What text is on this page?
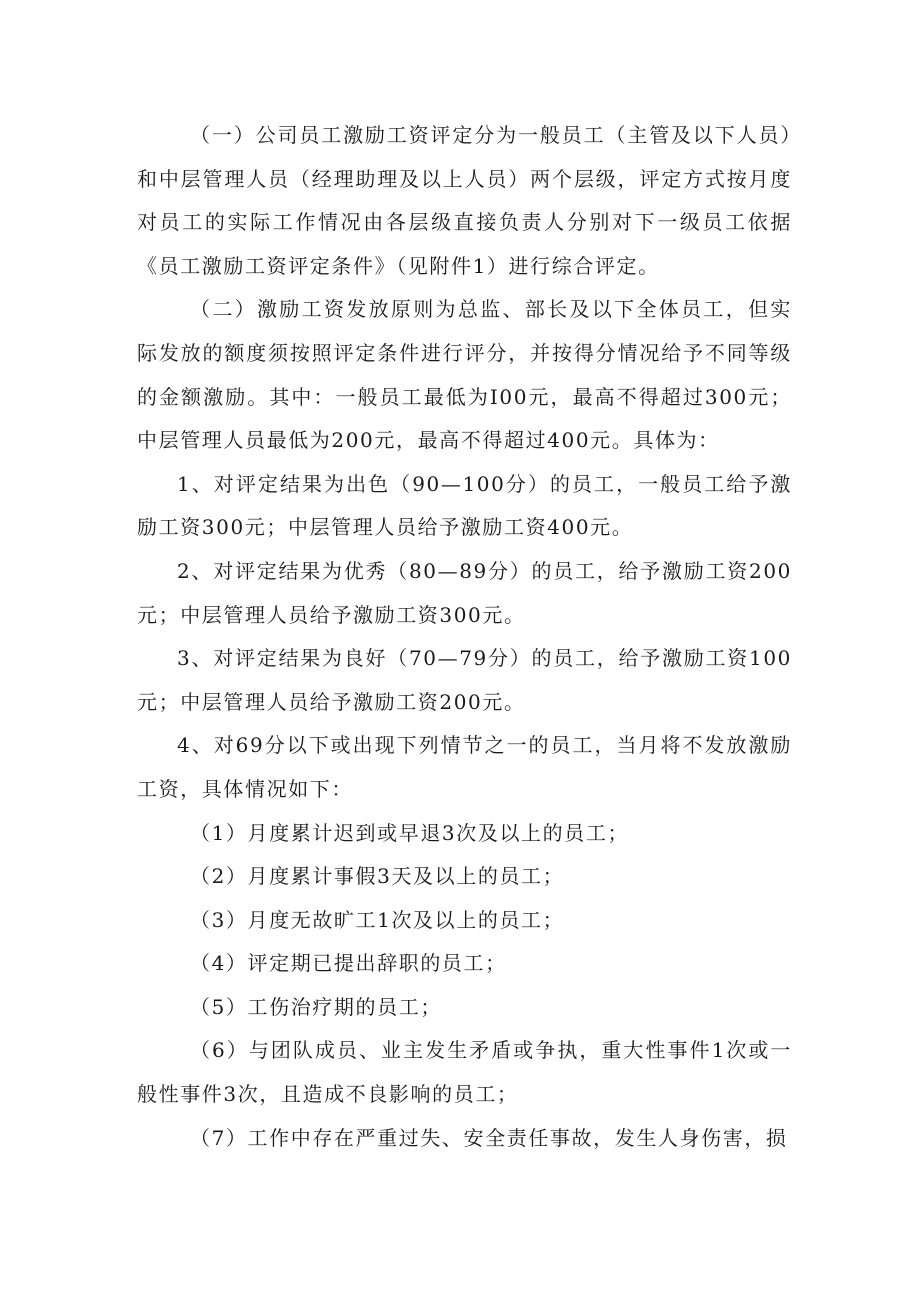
（一）公司员工激励工资评定分为一般员工（主管及以下人员）和中层管理人员（经理助理及以上人员）两个层级，评定方式按月度对员工的实际工作情况由各层级直接负责人分别对下一级员工依据《员工激励工资评定条件》（见附件1）进行综合评定。

（二）激励工资发放原则为总监、部长及以下全体员工，但实际发放的额度须按照评定条件进行评分，并按得分情况给予不同等级的金额激励。其中：一般员工最低为I00元，最高不得超过300元；中层管理人员最低为200元，最高不得超过400元。具体为：

1、对评定结果为出色（90—100分）的员工，一般员工给予激励工资300元；中层管理人员给予激励工资400元。

2、对评定结果为优秀（80—89分）的员工，给予激励工资200元；中层管理人员给予激励工资300元。

3、对评定结果为良好（70—79分）的员工，给予激励工资100元；中层管理人员给予激励工资200元。

4、对69分以下或出现下列情节之一的员工，当月将不发放激励工资，具体情况如下：

（1）月度累计迟到或早退3次及以上的员工；

（2）月度累计事假3天及以上的员工；

（3）月度无故旷工1次及以上的员工；

（4）评定期已提出辞职的员工；

（5）工伤治疗期的员工；

（6）与团队成员、业主发生矛盾或争执，重大性事件1次或一般性事件3次，且造成不良影响的员工；

（7）工作中存在严重过失、安全责任事故，发生人身伤害，损
